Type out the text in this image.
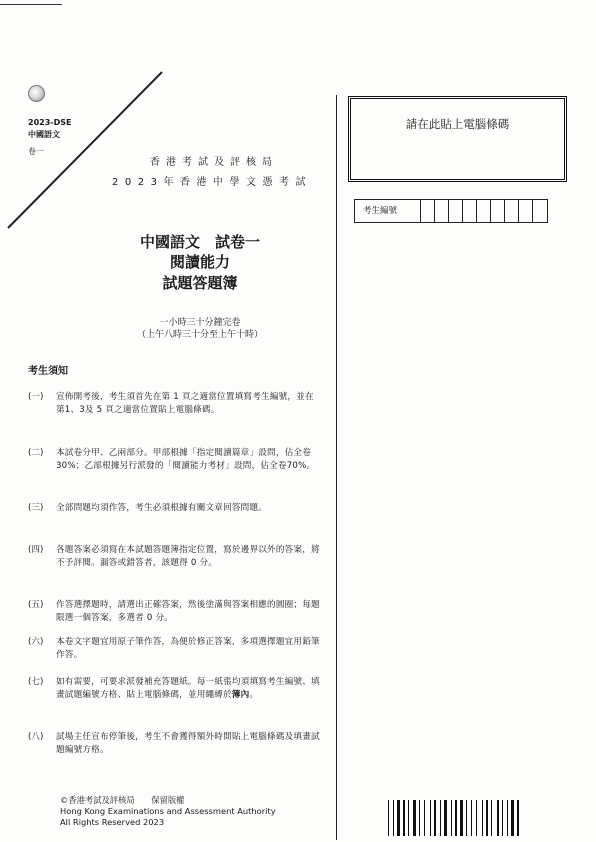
2023-DSE
中國語文
卷一
香港考試及評核局
2023年香港中學文憑考試
中國語文　試卷一
閱讀能力
試題答題簿
一小時三十分鐘完卷
（上午八時三十分至上午十時）
考生須知
(一)	宣佈開考後，考生須首先在第 1 頁之適當位置填寫考生編號，並在第1、3及 5 頁之適當位置貼上電腦條碼。
(二)	本試卷分甲、乙兩部分。甲部根據「指定閱讀篇章」設問，佔全卷30%；乙部根據另行派發的「閱讀能力考材」設問，佔全卷70%。
(三)	全部問題均須作答，考生必須根據有關文章回答問題。
(四)	各題答案必須寫在本試題答題簿指定位置，寫於邊界以外的答案，將不予評閱。漏答或錯答者，該題得 0 分。
(五)	作答選擇題時，請選出正確答案，然後塗滿與答案相應的圓圈；每題限選一個答案，多選者 0 分。
(六)	本卷文字題宜用原子筆作答，為便於修正答案，多項選擇題宜用鉛筆作答。
(七)	如有需要，可要求派發補充答題紙。每一紙張均須填寫考生編號、填畫試題編號方格、貼上電腦條碼，並用繩縛於簿內。
(八)	試場主任宣布停筆後，考生不會獲得額外時間貼上電腦條碼及填畫試題編號方格。
請在此貼上電腦條碼
考生編號
©香港考試及評核局　　保留版權
Hong Kong Examinations and Assessment Authority
All Rights Reserved 2023
